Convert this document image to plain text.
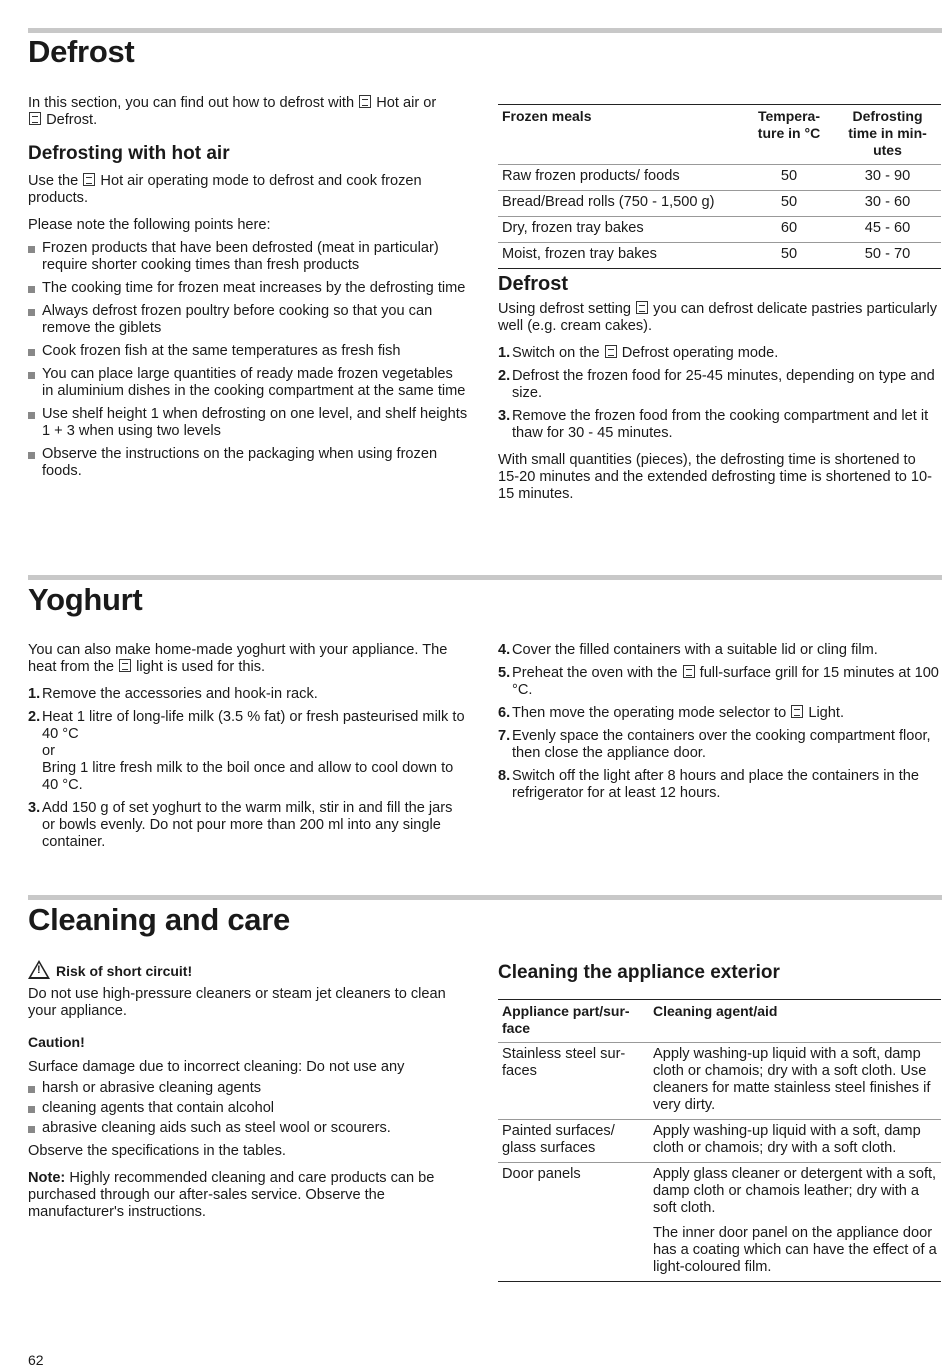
Defrost

In this section, you can find out how to defrost with Hot air or
Defrost.

Defrosting with hot air

Use the Hot air operating mode to defrost and cook frozen products.

Please note the following points here:

Frozen products that have been defrosted (meat in particular) require shorter cooking times than fresh products
The cooking time for frozen meat increases by the defrosting time
Always defrost frozen poultry before cooking so that you can remove the giblets
Cook frozen fish at the same temperatures as fresh fish
You can place large quantities of ready made frozen vegetables in aluminium dishes in the cooking compartment at the same time
Use shelf height 1 when defrosting on one level, and shelf heights 1 + 3 when using two levels
Observe the instructions on the packaging when using frozen foods.
Frozen meals	Tempera-ture in °C	Defrosting time in min-utes
Raw frozen products/ foods	50	30 - 90
Bread/Bread rolls (750 - 1,500 g)	50	30 - 60
Dry, frozen tray bakes	60	45 - 60
Moist, frozen tray bakes	50	50 - 70
Defrost

Using defrost setting you can defrost delicate pastries particularly well (e.g. cream cakes).

1. Switch on the Defrost operating mode.
2. Defrost the frozen food for 25-45 minutes, depending on type and size.
3. Remove the frozen food from the cooking compartment and let it thaw for 30 - 45 minutes.

With small quantities (pieces), the defrosting time is shortened to 15-20 minutes and the extended defrosting time is shortened to 10-15 minutes.

Yoghurt

You can also make home-made yoghurt with your appliance. The heat from the light is used for this.

1. Remove the accessories and hook-in rack.
2. Heat 1 litre of long-life milk (3.5 % fat) or fresh pasteurised milk to 40 °C
or
Bring 1 litre fresh milk to the boil once and allow to cool down to 40 °C.
3. Add 150 g of set yoghurt to the warm milk, stir in and fill the jars or bowls evenly. Do not pour more than 200 ml into any single container.
4. Cover the filled containers with a suitable lid or cling film.
5. Preheat the oven with the full-surface grill for 15 minutes at 100 °C.
6. Then move the operating mode selector to Light.
7. Evenly space the containers over the cooking compartment floor, then close the appliance door.
8. Switch off the light after 8 hours and place the containers in the refrigerator for at least 12 hours.
Cleaning and care

! Risk of short circuit!

Do not use high-pressure cleaners or steam jet cleaners to clean your appliance.

Caution!

Surface damage due to incorrect cleaning: Do not use any

harsh or abrasive cleaning agents
cleaning agents that contain alcohol
abrasive cleaning aids such as steel wool or scourers.

Observe the specifications in the tables.

Note: Highly recommended cleaning and care products can be purchased through our after-sales service. Observe the manufacturer's instructions.

Cleaning the appliance exterior
Appliance part/sur-face	Cleaning agent/aid
Stainless steel sur-faces	Apply washing-up liquid with a soft, damp cloth or chamois; dry with a soft cloth. Use cleaners for matte stainless steel finishes if very dirty.

Painted surfaces/ glass surfaces	Apply washing-up liquid with a soft, damp cloth or chamois; dry with a soft cloth.

Door panels	Apply glass cleaner or detergent with a soft, damp cloth or chamois leather; dry with a soft cloth.

The inner door panel on the appliance door has a coating which can have the effect of a light-coloured film.

62
